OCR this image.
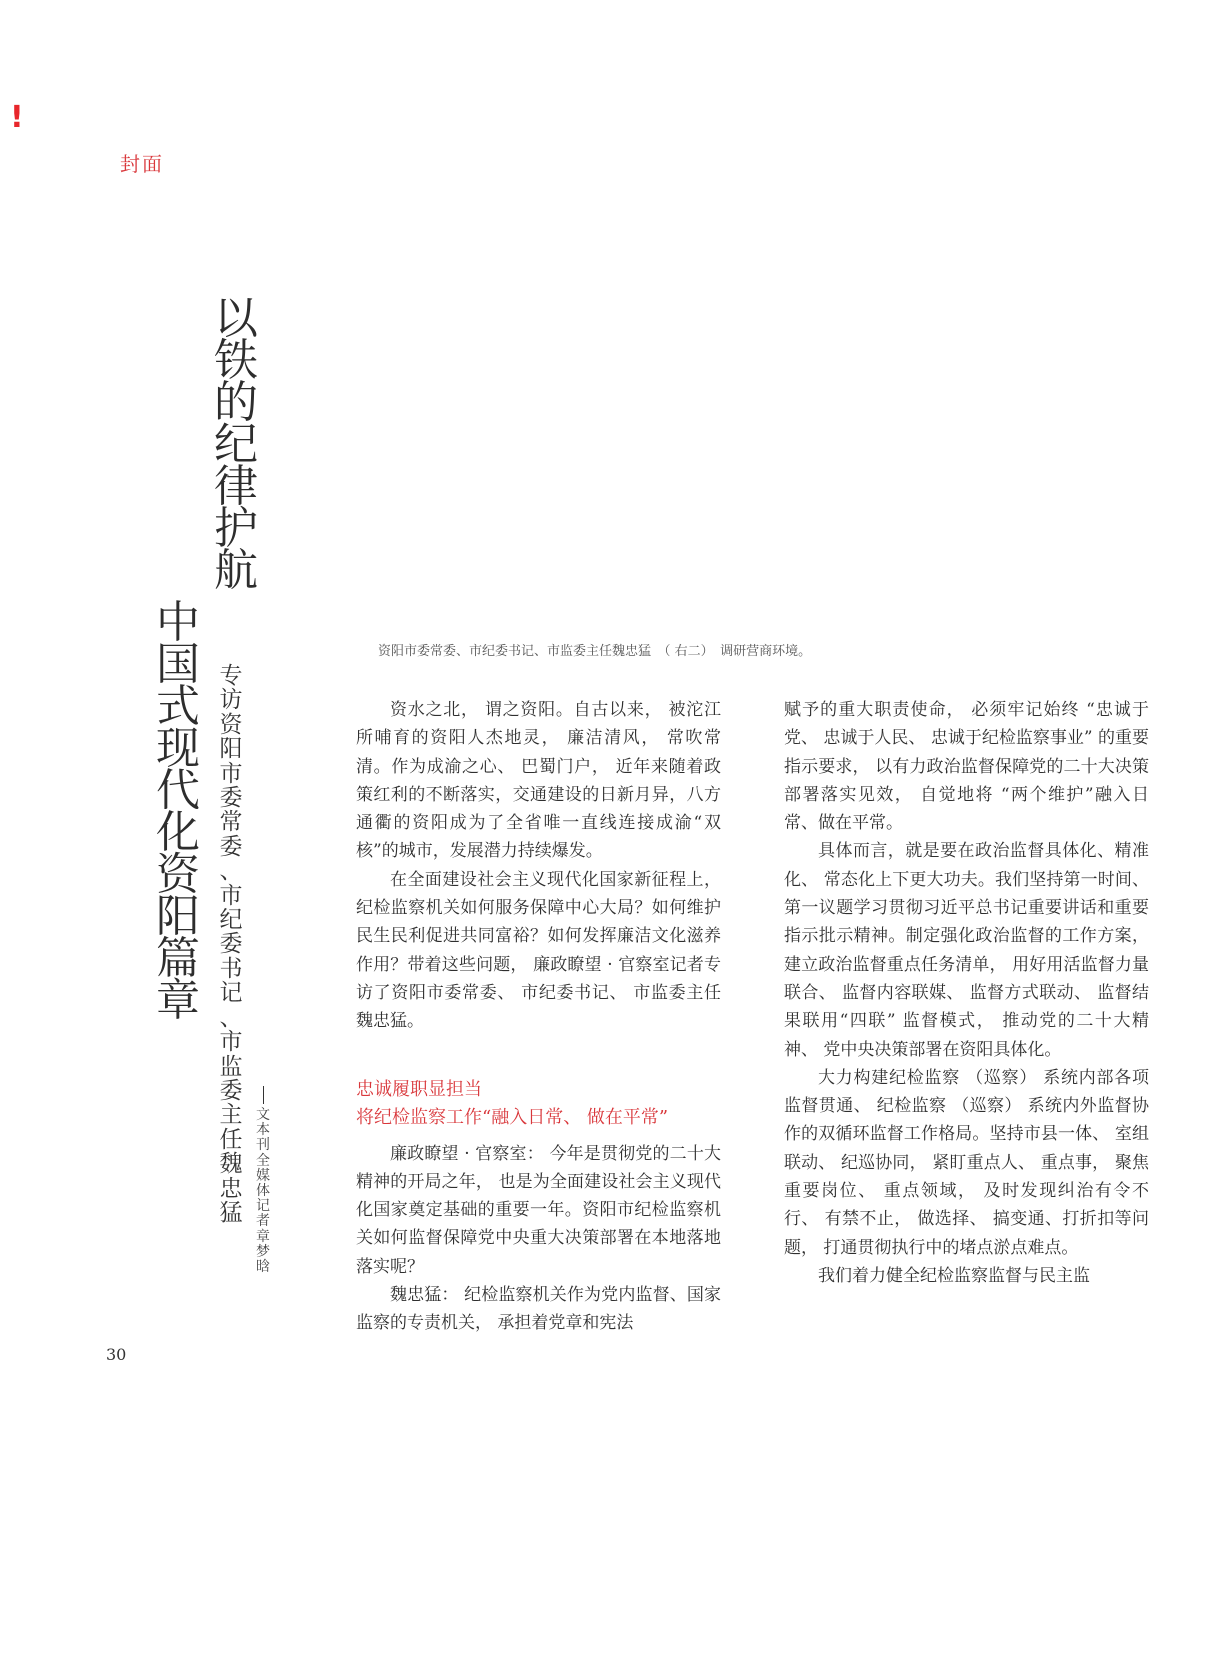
!
封面
以
铁
的
纪
律
护
航
中
国
式
现
代
化
资
阳
篇
章
专
访
资
阳
市
委
常
委
、
市
纪
委
书
记
、
市
监
委
主
任
魏
忠
猛
文
本
刊
全
媒
体
记
者
章
梦
晗
资阳市委常委、市纪委书记、市监委主任魏忠猛　（ 右二）　调研营商环境。

资水之北， 谓之资阳。自古以来， 被沱江所哺育的资阳人杰地灵， 廉洁清风， 常吹常清。作为成渝之心、 巴蜀门户， 近年来随着政策红利的不断落实，交通建设的日新月异，八方通衢的资阳成为了全省唯一直线连接成渝“双核”的城市，发展潜力持续爆发。

在全面建设社会主义现代化国家新征程上， 纪检监察机关如何服务保障中心大局？如何维护民生民利促进共同富裕？如何发挥廉洁文化滋养作用？带着这些问题， 廉政瞭望 · 官察室记者专访了资阳市委常委、 市纪委书记、 市监委主任魏忠猛。

忠诚履职显担当
将纪检监察工作“融入日常、 做在平常”

廉政瞭望 · 官察室： 今年是贯彻党的二十大精神的开局之年， 也是为全面建设社会主义现代化国家奠定基础的重要一年。资阳市纪检监察机关如何监督保障党中央重大决策部署在本地落地落实呢？

魏忠猛： 纪检监察机关作为党内监督、国家监察的专责机关， 承担着党章和宪法

赋予的重大职责使命， 必须牢记始终 “忠诚于党、 忠诚于人民、 忠诚于纪检监察事业” 的重要指示要求， 以有力政治监督保障党的二十大决策部署落实见效， 自觉地将 “两个维护”融入日常、做在平常。

具体而言，就是要在政治监督具体化、精准化、 常态化上下更大功夫。我们坚持第一时间、 第一议题学习贯彻习近平总书记重要讲话和重要指示批示精神。制定强化政治监督的工作方案， 建立政治监督重点任务清单， 用好用活监督力量联合、 监督内容联媒、 监督方式联动、 监督结果联用“四联” 监督模式， 推动党的二十大精神、 党中央决策部署在资阳具体化。

大力构建纪检监察 （巡察） 系统内部各项监督贯通、 纪检监察 （巡察） 系统内外监督协作的双循环监督工作格局。坚持市县一体、 室组联动、 纪巡协同， 紧盯重点人、 重点事， 聚焦重要岗位、 重点领域， 及时发现纠治有令不行、 有禁不止， 做选择、 搞变通、打折扣等问题， 打通贯彻执行中的堵点淤点难点。

我们着力健全纪检监察监督与民主监

30
